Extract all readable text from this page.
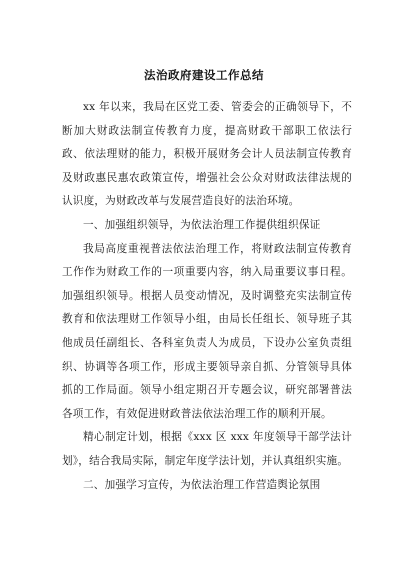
法治政府建设工作总结

xx 年以来，我局在区党工委、管委会的正确领导下，不断加大财政法制宣传教育力度，提高财政干部职工依法行政、依法理财的能力，积极开展财务会计人员法制宣传教育及财政惠民惠农政策宣传，增强社会公众对财政法律法规的认识度，为财政改革与发展营造良好的法治环境。

一、加强组织领导，为依法治理工作提供组织保证

我局高度重视普法依法治理工作，将财政法制宣传教育工作作为财政工作的一项重要内容，纳入局重要议事日程。加强组织领导。根据人员变动情况，及时调整充实法制宣传教育和依法理财工作领导小组，由局长任组长、领导班子其他成员任副组长、各科室负责人为成员，下设办公室负责组织、协调等各项工作，形成主要领导亲自抓、分管领导具体抓的工作局面。领导小组定期召开专题会议，研究部署普法各项工作，有效促进财政普法依法治理工作的顺利开展。

精心制定计划，根据《xxx 区 xxx 年度领导干部学法计划》，结合我局实际，制定年度学法计划，并认真组织实施。

二、加强学习宣传，为依法治理工作营造舆论氛围
